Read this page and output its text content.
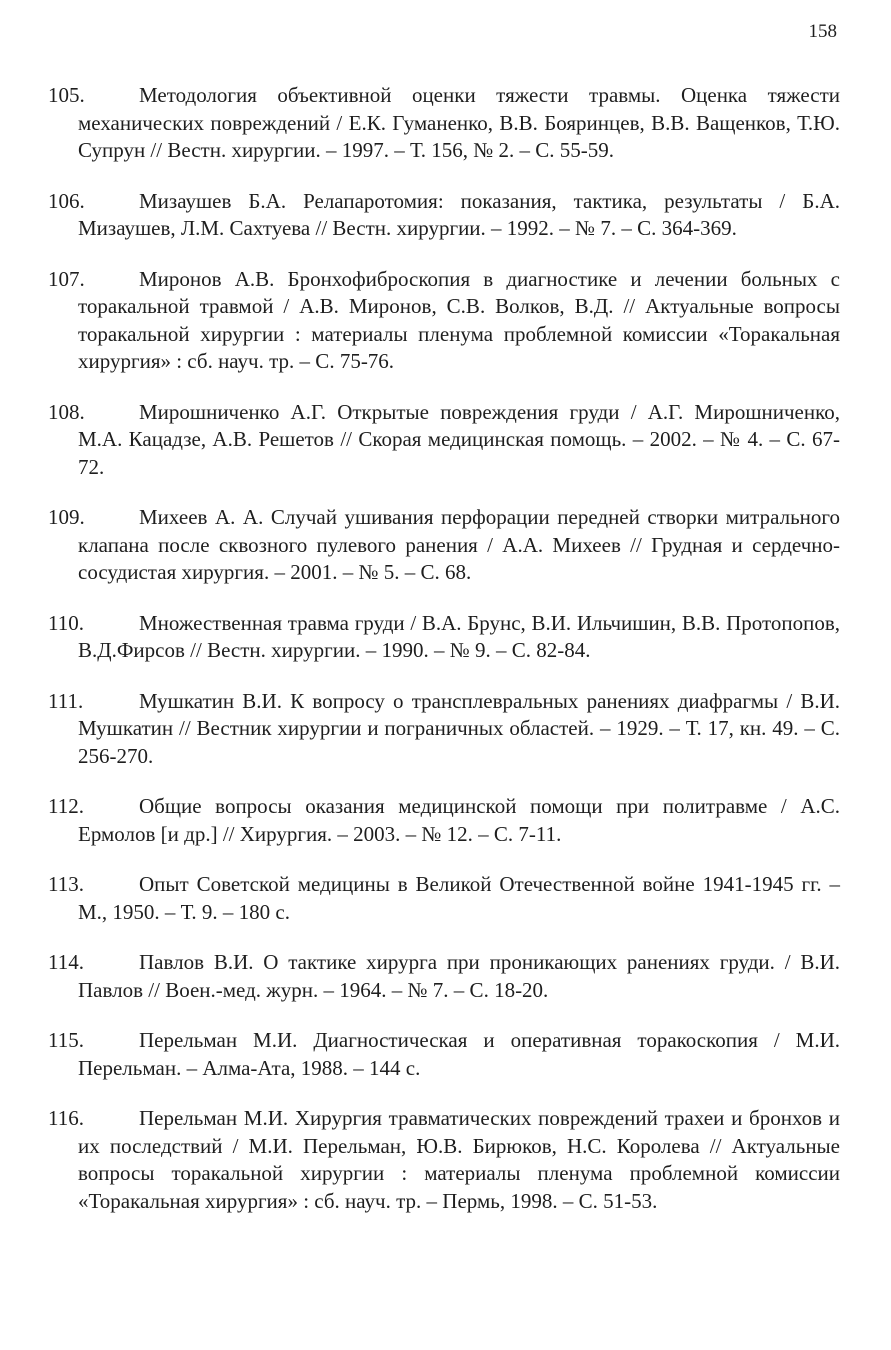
158
105.	Методология объективной оценки тяжести травмы. Оценка тяжести механических повреждений / Е.К. Гуманенко, В.В. Бояринцев, В.В. Ващенков, Т.Ю. Супрун // Вестн. хирургии. – 1997. – Т. 156, № 2. – С. 55-59.
106.	Мизаушев Б.А. Релапаротомия: показания, тактика, результаты / Б.А. Мизаушев, Л.М. Сахтуева // Вестн. хирургии. – 1992. – № 7. – С. 364-369.
107.	Миронов А.В. Бронхофиброскопия в диагностике и лечении больных с торакальной травмой / А.В. Миронов, С.В. Волков, В.Д. // Актуальные вопросы торакальной хирургии : материалы пленума проблемной комиссии «Торакальная хирургия» : сб. науч. тр. – С. 75-76.
108.	Мирошниченко А.Г. Открытые повреждения груди / А.Г. Мирошниченко, М.А. Кацадзе, А.В. Решетов // Скорая медицинская помощь. – 2002. – № 4. – С. 67-72.
109.	Михеев А. А. Случай ушивания перфорации передней створки митрального клапана после сквозного пулевого ранения / А.А. Михеев // Грудная и сердечно-сосудистая хирургия. – 2001. – № 5. – С. 68.
110.	Множественная травма груди / В.А. Брунс, В.И. Ильчишин, В.В. Протопопов, В.Д.Фирсов // Вестн. хирургии. – 1990. – № 9. – С. 82-84.
111.	Мушкатин В.И. К вопросу о трансплевральных ранениях диафрагмы / В.И. Мушкатин // Вестник хирургии и пограничных областей. – 1929. – Т. 17, кн. 49. – С. 256-270.
112.	Общие вопросы оказания медицинской помощи при политравме / А.С. Ермолов [и др.] // Хирургия. – 2003. – № 12. – С. 7-11.
113.	Опыт Советской медицины в Великой Отечественной войне 1941-1945 гг. – М., 1950. – Т. 9. – 180 с.
114.	Павлов В.И. О тактике хирурга при проникающих ранениях груди. / В.И. Павлов // Воен.-мед. журн. – 1964. – № 7. – С. 18-20.
115.	Перельман М.И. Диагностическая и оперативная торакоскопия / М.И. Перельман. – Алма-Ата, 1988. – 144 с.
116.	Перельман М.И. Хирургия травматических повреждений трахеи и бронхов и их последствий / М.И. Перельман, Ю.В. Бирюков, Н.С. Королева // Актуальные вопросы торакальной хирургии : материалы пленума проблемной комиссии «Торакальная хирургия» : сб. науч. тр. – Пермь, 1998. – С. 51-53.
